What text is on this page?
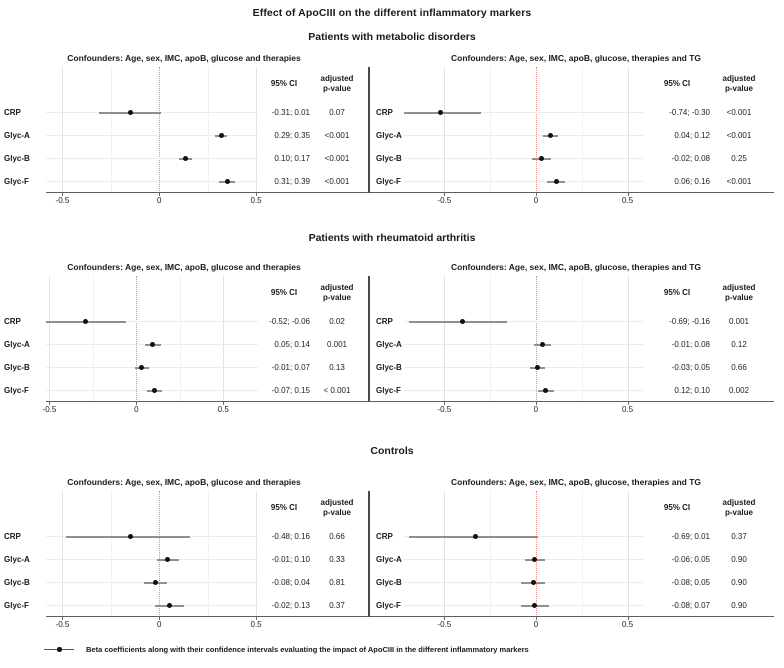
Effect of ApoCIII on the different inflammatory markers
Patients with metabolic disorders
Confounders: Age, sex, IMC, apoB, glucose and therapies
95% CI
adjusted
p-value
CRP	-0.31; 0.01	0.07
Glyc-A	0.29; 0.35	<0.001
Glyc-B	0.10; 0.17	<0.001
Glyc-F	0.31; 0.39	<0.001
-0.5	0	0.5
Confounders: Age, sex, IMC, apoB, glucose, therapies and TG
95% CI
adjusted
p-value
CRP	-0.74; -0.30	<0.001
Glyc-A	0.04; 0.12	<0.001
Glyc-B	-0.02; 0.08	0.25
Glyc-F	0.06; 0.16	<0.001
-0.5	0	0.5
Patients with rheumatoid arthritis
Confounders: Age, sex, IMC, apoB, glucose and therapies
95% CI
adjusted
p-value
CRP	-0.52; -0.06	0.02
Glyc-A	0.05; 0.14	0.001
Glyc-B	-0.01; 0.07	0.13
Glyc-F	-0.07; 0.15	< 0.001
-0.5	0	0.5
Confounders: Age, sex, IMC, apoB, glucose, therapies and TG
95% CI
adjusted
p-value
CRP	-0.69; -0.16	0.001
Glyc-A	-0.01; 0.08	0.12
Glyc-B	-0.03; 0.05	0.66
Glyc-F	0.12; 0.10	0.002
-0.5	0	0.5
Controls
Confounders: Age, sex, IMC, apoB, glucose and therapies
95% CI
adjusted
p-value
CRP	-0.48; 0.16	0.66
Glyc-A	-0.01; 0.10	0.33
Glyc-B	-0.08; 0.04	0.81
Glyc-F	-0.02; 0.13	0.37
-0.5	0	0.5
Confounders: Age, sex, IMC, apoB, glucose, therapies and TG
95% CI
adjusted
p-value
CRP	-0.69; 0.01	0.37
Glyc-A	-0.06; 0.05	0.90
Glyc-B	-0.08; 0.05	0.90
Glyc-F	-0.08; 0.07	0.90
-0.5	0	0.5
Beta coefficients along with their confidence intervals evaluating the impact of ApoCIII in the different inflammatory markers
